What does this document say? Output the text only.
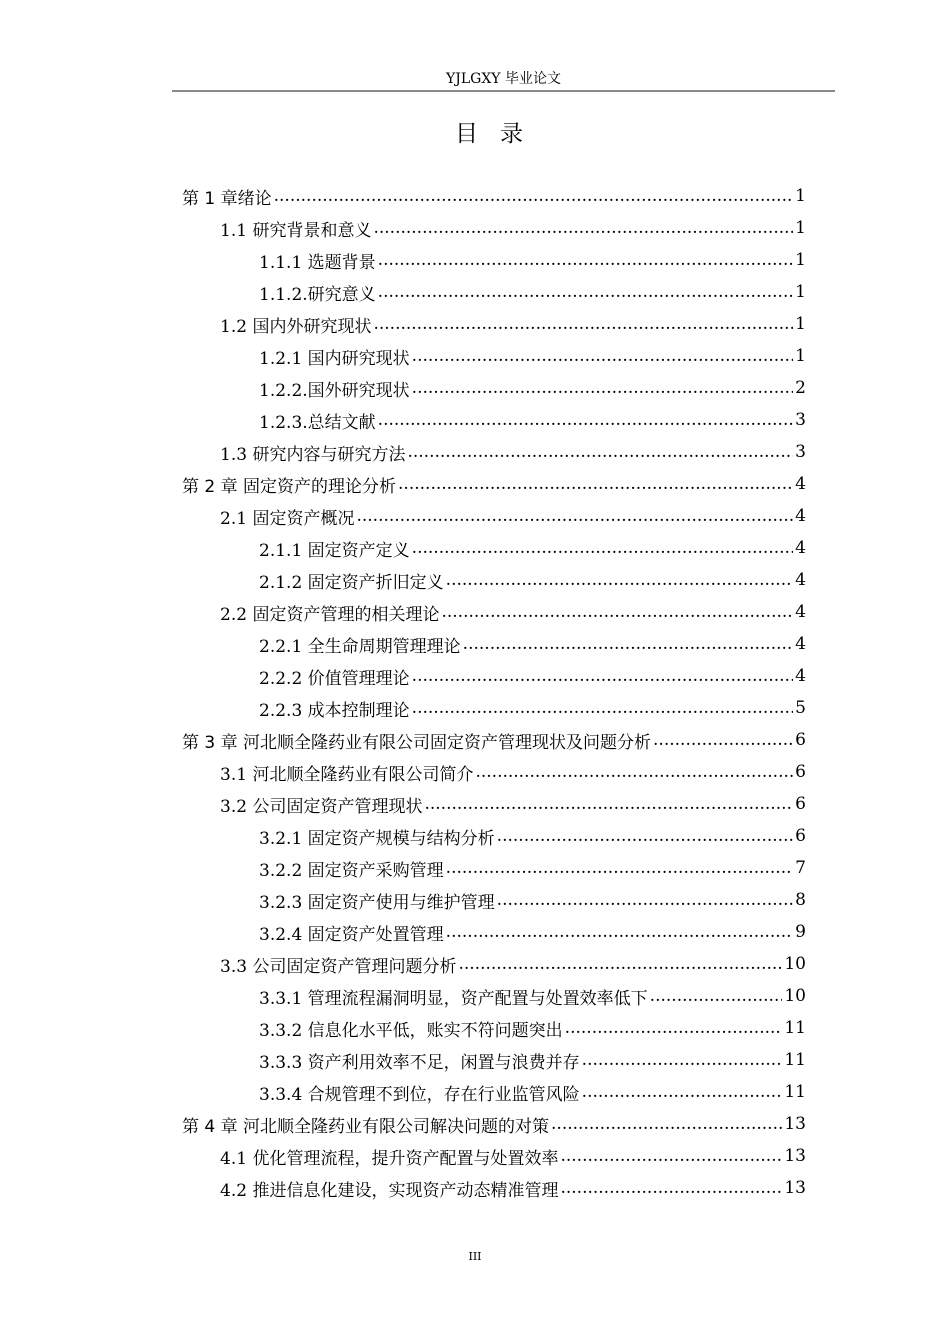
YJLGXY 毕业论文
目录
第 1 章绪论 .....	1
1.1 研究背景和意义 .....	1
1.1.1 选题背景 .....	1
1.1.2.研究意义 .....	1
1.2 国内外研究现状 .....	1
1.2.1 国内研究现状 .....	1
1.2.2.国外研究现状 .....	2
1.2.3.总结文献 .....	3
1.3 研究内容与研究方法 .....	3
第 2 章 固定资产的理论分析 .....	4
2.1 固定资产概况 .....	4
2.1.1 固定资产定义 .....	4
2.1.2 固定资产折旧定义 .....	4
2.2 固定资产管理的相关理论 .....	4
2.2.1 全生命周期管理理论 .....	4
2.2.2 价值管理理论 .....	4
2.2.3 成本控制理论 .....	5
第 3 章 河北顺全隆药业有限公司固定资产管理现状及问题分析 .....	6
3.1 河北顺全隆药业有限公司简介 .....	6
3.2 公司固定资产管理现状 .....	6
3.2.1 固定资产规模与结构分析 .....	6
3.2.2 固定资产采购管理 .....	7
3.2.3 固定资产使用与维护管理 .....	8
3.2.4 固定资产处置管理 .....	9
3.3 公司固定资产管理问题分析 .....	10
3.3.1 管理流程漏洞明显，资产配置与处置效率低下 .....	10
3.3.2 信息化水平低，账实不符问题突出 .....	11
3.3.3 资产利用效率不足，闲置与浪费并存 .....	11
3.3.4 合规管理不到位，存在行业监管风险 .....	11
第 4 章 河北顺全隆药业有限公司解决问题的对策 .....	13
4.1 优化管理流程，提升资产配置与处置效率 .....	13
4.2 推进信息化建设，实现资产动态精准管理 .....	13
III
